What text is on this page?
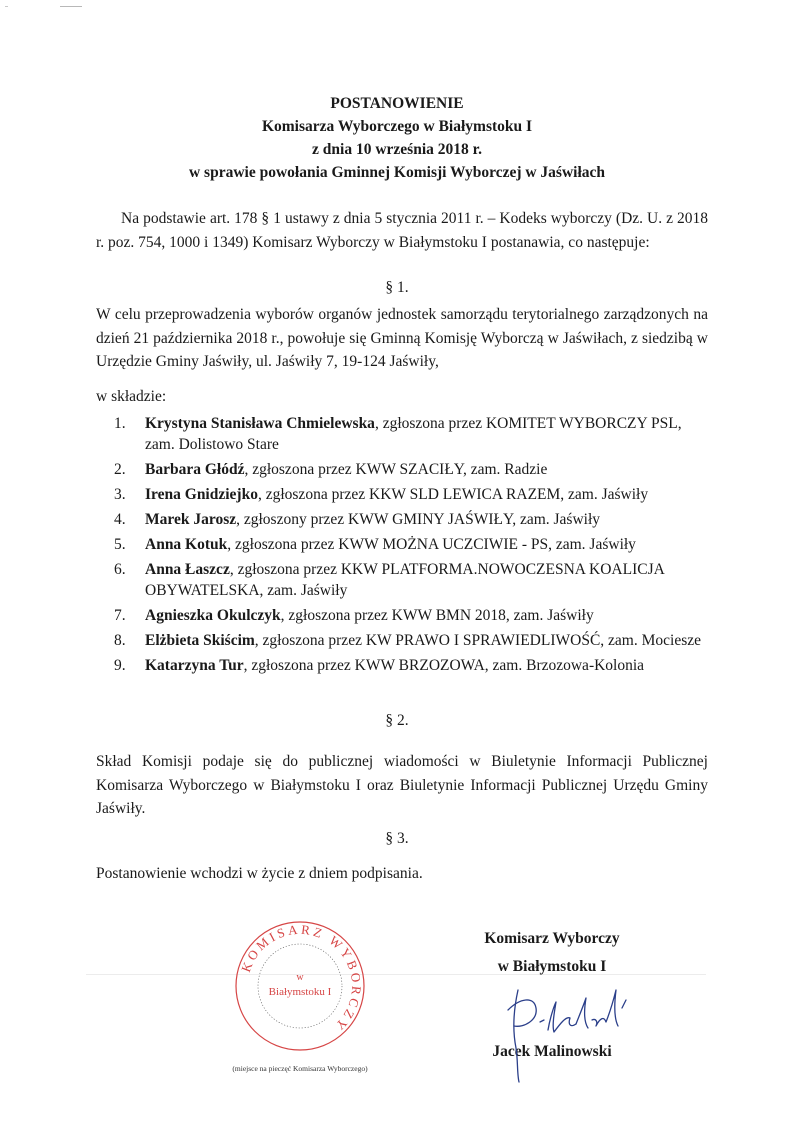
POSTANOWIENIE
Komisarza Wyborczego w Białymstoku I
z dnia 10 września 2018 r.
w sprawie powołania Gminnej Komisji Wyborczej w Jaświłach
Na podstawie art. 178 § 1 ustawy z dnia 5 stycznia 2011 r. – Kodeks wyborczy (Dz. U. z 2018 r. poz. 754, 1000 i 1349) Komisarz Wyborczy w Białymstoku I postanawia, co następuje:
§ 1.
W celu przeprowadzenia wyborów organów jednostek samorządu terytorialnego zarządzonych na dzień 21 października 2018 r., powołuje się Gminną Komisję Wyborczą w Jaświłach, z siedzibą w Urzędzie Gminy Jaświły, ul. Jaświły 7, 19-124 Jaświły,
w składzie:
1. Krystyna Stanisława Chmielewska, zgłoszona przez KOMITET WYBORCZY PSL, zam. Dolistowo Stare
2. Barbara Głódź, zgłoszona przez KWW SZACIŁY, zam. Radzie
3. Irena Gnidziejko, zgłoszona przez KKW SLD LEWICA RAZEM, zam. Jaświły
4. Marek Jarosz, zgłoszony przez KWW GMINY JAŚWIŁY, zam. Jaświły
5. Anna Kotuk, zgłoszona przez KWW MOŻNA UCZCIWIE - PS, zam. Jaświły
6. Anna Łaszcz, zgłoszona przez KKW PLATFORMA.NOWOCZESNA KOALICJA OBYWATELSKA, zam. Jaświły
7. Agnieszka Okulczyk, zgłoszona przez KWW BMN 2018, zam. Jaświły
8. Elżbieta Skiścim, zgłoszona przez KW PRAWO I SPRAWIEDLIWOŚĆ, zam. Mociesze
9. Katarzyna Tur, zgłoszona przez KWW BRZOZOWA, zam. Brzozowa-Kolonia
§ 2.
Skład Komisji podaje się do publicznej wiadomości w Biuletynie Informacji Publicznej Komisarza Wyborczego w Białymstoku I oraz Biuletynie Informacji Publicznej Urzędu Gminy Jaświły.
§ 3.
Postanowienie wchodzi w życie z dniem podpisania.
Komisarz Wyborczy
w Białymstoku I
Jacek Malinowski
KOMISARZ WYBORCZY
w
Białymstoku I
(miejsce na pieczęć Komisarza Wyborczego)
